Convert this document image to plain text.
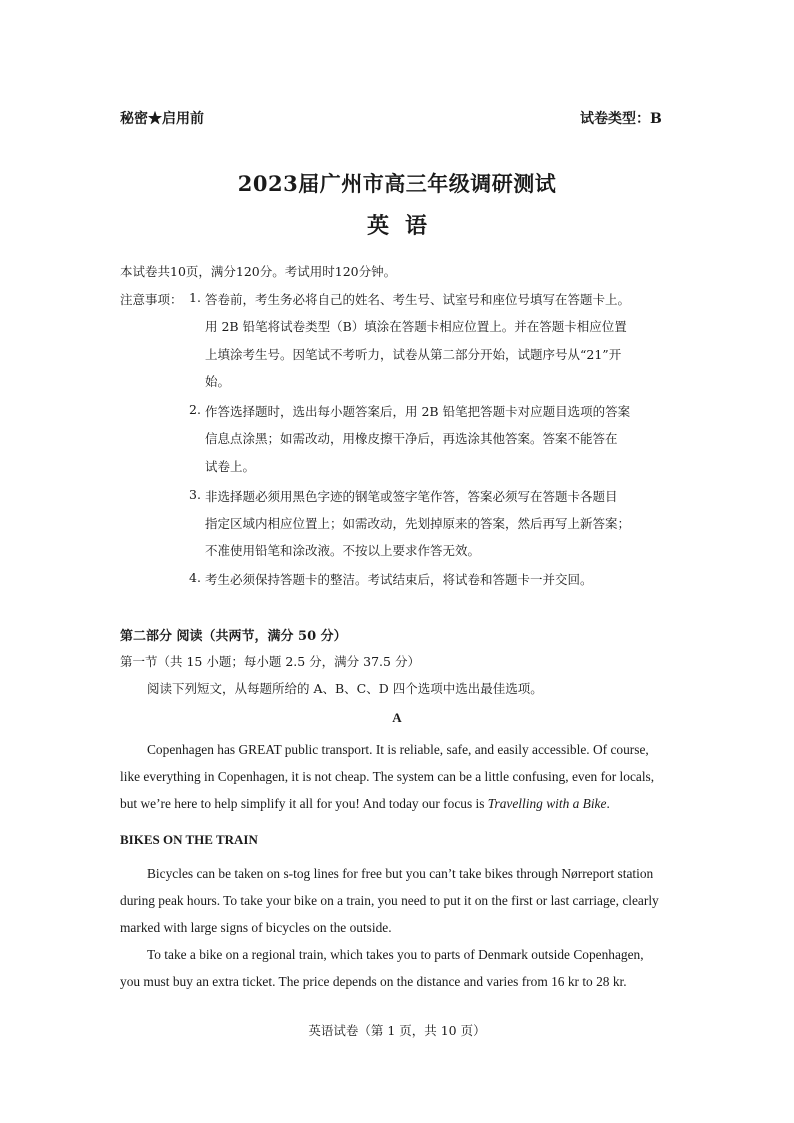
秘密★启用前	试卷类型：B
2023届广州市高三年级调研测试
英语
本试卷共10页，满分120分。考试用时120分钟。
注意事项： 1. 答卷前，考生务必将自己的姓名、考生号、试室号和座位号填写在答题卡上。
用 2B 铅笔将试卷类型（B）填涂在答题卡相应位置上。并在答题卡相应位置
上填涂考生号。因笔试不考听力，试卷从第二部分开始，试题序号从“21”开
始。
2. 作答选择题时，选出每小题答案后，用 2B 铅笔把答题卡对应题目选项的答案
信息点涂黑；如需改动，用橡皮擦干净后，再选涂其他答案。答案不能答在
试卷上。
3. 非选择题必须用黑色字迹的钢笔或签字笔作答，答案必须写在答题卡各题目
指定区域内相应位置上；如需改动，先划掉原来的答案，然后再写上新答案；
不准使用铅笔和涂改液。不按以上要求作答无效。
4. 考生必须保持答题卡的整洁。考试结束后，将试卷和答题卡一并交回。
第二部分 阅读（共两节，满分 50 分）
第一节（共 15 小题；每小题 2.5 分，满分 37.5 分）
阅读下列短文，从每题所给的 A、B、C、D 四个选项中选出最佳选项。
A
Copenhagen has GREAT public transport. It is reliable, safe, and easily accessible. Of course,
like everything in Copenhagen, it is not cheap. The system can be a little confusing, even for locals,
but we’re here to help simplify it all for you! And today our focus is Travelling with a Bike.
BIKES ON THE TRAIN
Bicycles can be taken on s-tog lines for free but you can’t take bikes through Nørreport station
during peak hours. To take your bike on a train, you need to put it on the first or last carriage, clearly
marked with large signs of bicycles on the outside.
To take a bike on a regional train, which takes you to parts of Denmark outside Copenhagen,
you must buy an extra ticket. The price depends on the distance and varies from 16 kr to 28 kr.
英语试卷（第 1 页，共 10 页）
